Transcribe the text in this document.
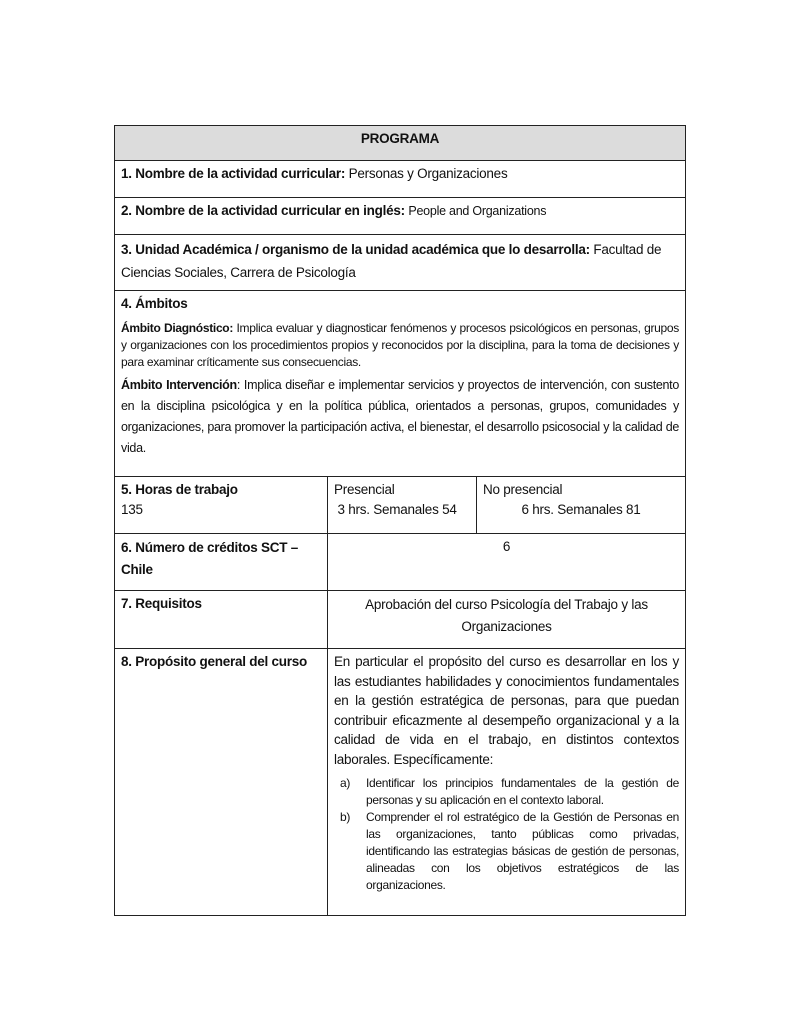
PROGRAMA
1. Nombre de la actividad curricular: Personas y Organizaciones
2. Nombre de la actividad curricular en inglés: People and Organizations
3. Unidad Académica / organismo de la unidad académica que lo desarrolla: Facultad de Ciencias Sociales, Carrera de Psicología
4. Ámbitos

Ámbito Diagnóstico: Implica evaluar y diagnosticar fenómenos y procesos psicológicos en personas, grupos y organizaciones con los procedimientos propios y reconocidos por la disciplina, para la toma de decisiones y para examinar críticamente sus consecuencias.

Ámbito Intervención: Implica diseñar e implementar servicios y proyectos de intervención, con sustento en la disciplina psicológica y en la política pública, orientados a personas, grupos, comunidades y organizaciones, para promover la participación activa, el bienestar, el desarrollo psicosocial y la calidad de vida.

5. Horas de trabajo
135
Presencial
3 hrs. Semanales 54
No presencial

6 hrs. Semanales 81
6. Número de créditos SCT – Chile
6
7. Requisitos	Aprobación del curso Psicología del Trabajo y las Organizaciones
8. Propósito general del curso	En particular el propósito del curso es desarrollar en los y las estudiantes habilidades y conocimientos fundamentales en la gestión estratégica de personas, para que puedan contribuir eficazmente al desempeño organizacional y a la calidad de vida en el trabajo, en distintos contextos laborales. Específicamente:
a) Identificar los principios fundamentales de la gestión de personas y su aplicación en el contexto laboral.
b) Comprender el rol estratégico de la Gestión de Personas en las organizaciones, tanto públicas como privadas, identificando las estrategias básicas de gestión de personas, alineadas con los objetivos estratégicos de las organizaciones.
